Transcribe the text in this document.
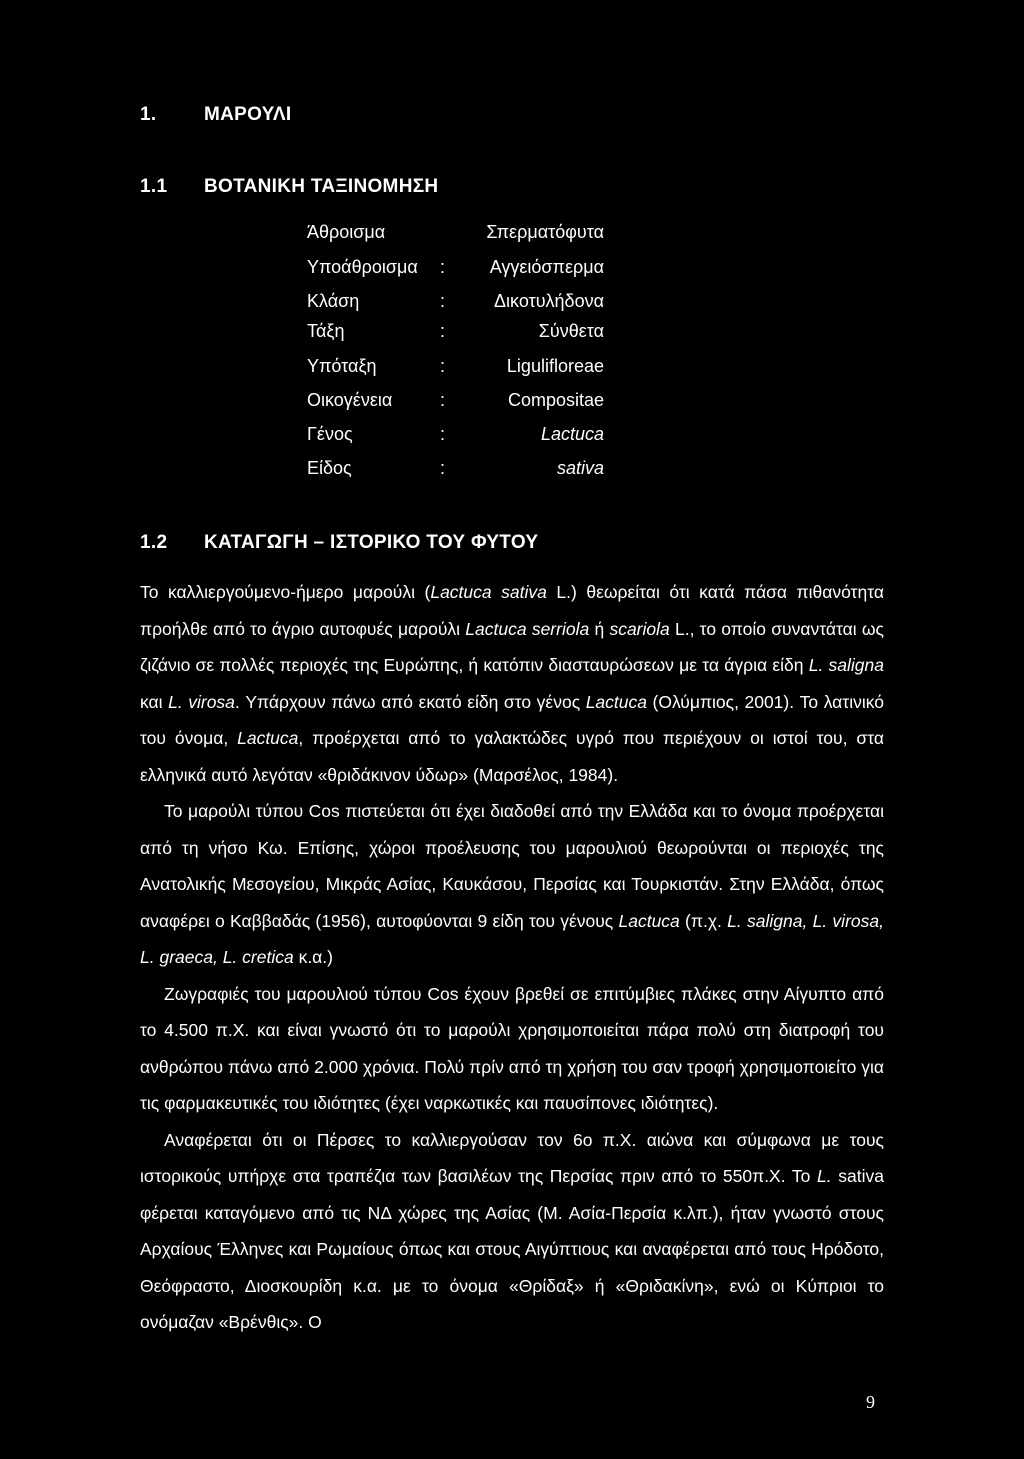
1.	ΜΑΡΟΥΛΙ
1.1 ΒΟΤΑΝΙΚΗ ΤΑΞΙΝΟΜΗΣΗ
Άθροισμα	Σπερματόφυτα
Υποάθροισμα : Αγγειόσπερμα
Κλάση	:	Δικοτυλήδονα
Τάξη	:	Σύνθετα
Υπόταξη	:	Liguliflοreae
Οικογένεια	:	Compositae
Γένος	:	Lactuca
Είδος	:	sativa
1.2 ΚΑΤΑΓΩΓΗ – ΙΣΤΟΡΙΚΟ ΤΟΥ ΦΥΤΟΥ

Το καλλιεργούμενο-ήμερο μαρούλι (Lactuca sativa L.) θεωρείται ότι κατά πάσα πιθανότητα προήλθε από το άγριο αυτοφυές μαρούλι Lactuca serriola ή scariola L., το οποίο συναντάται ως ζιζάνιο σε πολλές περιοχές της Ευρώπης, ή κατόπιν διασταυρώσεων με τα άγρια είδη L. saligna και L. virosa. Υπάρχουν πάνω από εκατό είδη στο γένος Lactuca (Ολύμπιος, 2001). Το λατινικό του όνομα, Lactuca, προέρχεται από το γαλακτώδες υγρό που περιέχουν οι ιστοί του, στα ελληνικά αυτό λεγόταν «θριδάκινον ύδωρ» (Μαρσέλος, 1984).

Το μαρούλι τύπου Cos πιστεύεται ότι έχει διαδοθεί από την Ελλάδα και το όνομα προέρχεται από τη νήσο Κω. Επίσης, χώροι προέλευσης του μαρουλιού θεωρούνται οι περιοχές της Ανατολικής Μεσογείου, Μικράς Ασίας, Καυκάσου, Περσίας και Τουρκιστάν. Στην Ελλάδα, όπως αναφέρει ο Καββαδάς (1956), αυτοφύονται 9 είδη του γένους Lactuca (π.χ. L. saligna, L. virosa, L. graeca, L. cretica κ.α.)

Ζωγραφιές του μαρουλιού τύπου Cos έχουν βρεθεί σε επιτύμβιες πλάκες στην Αίγυπτο από το 4.500 π.Χ. και είναι γνωστό ότι το μαρούλι χρησιμοποιείται πάρα πολύ στη διατροφή του ανθρώπου πάνω από 2.000 χρόνια. Πολύ πρίν από τη χρήση του σαν τροφή χρησιμοποιείτο για τις φαρμακευτικές του ιδιότητες (έχει ναρκωτικές και παυσίπονες ιδιότητες).

Αναφέρεται ότι οι Πέρσες το καλλιεργούσαν τον 6ο π.Χ. αιώνα και σύμφωνα με τους ιστορικούς υπήρχε στα τραπέζια των βασιλέων της Περσίας πριν από το 550π.Χ. Το L. sativa φέρεται καταγόμενο από τις ΝΔ χώρες της Ασίας (Μ. Ασία-Περσία κ.λπ.), ήταν γνωστό στους Αρχαίους Έλληνες και Ρωμαίους όπως και στους Αιγύπτιους και αναφέρεται από τους Ηρόδοτο, Θεόφραστο, Διοσκουρίδη κ.α. με το όνομα «Θρίδαξ» ή «Θριδακίνη», ενώ οι Κύπριοι το ονόμαζαν «Βρένθις». Ο

9
